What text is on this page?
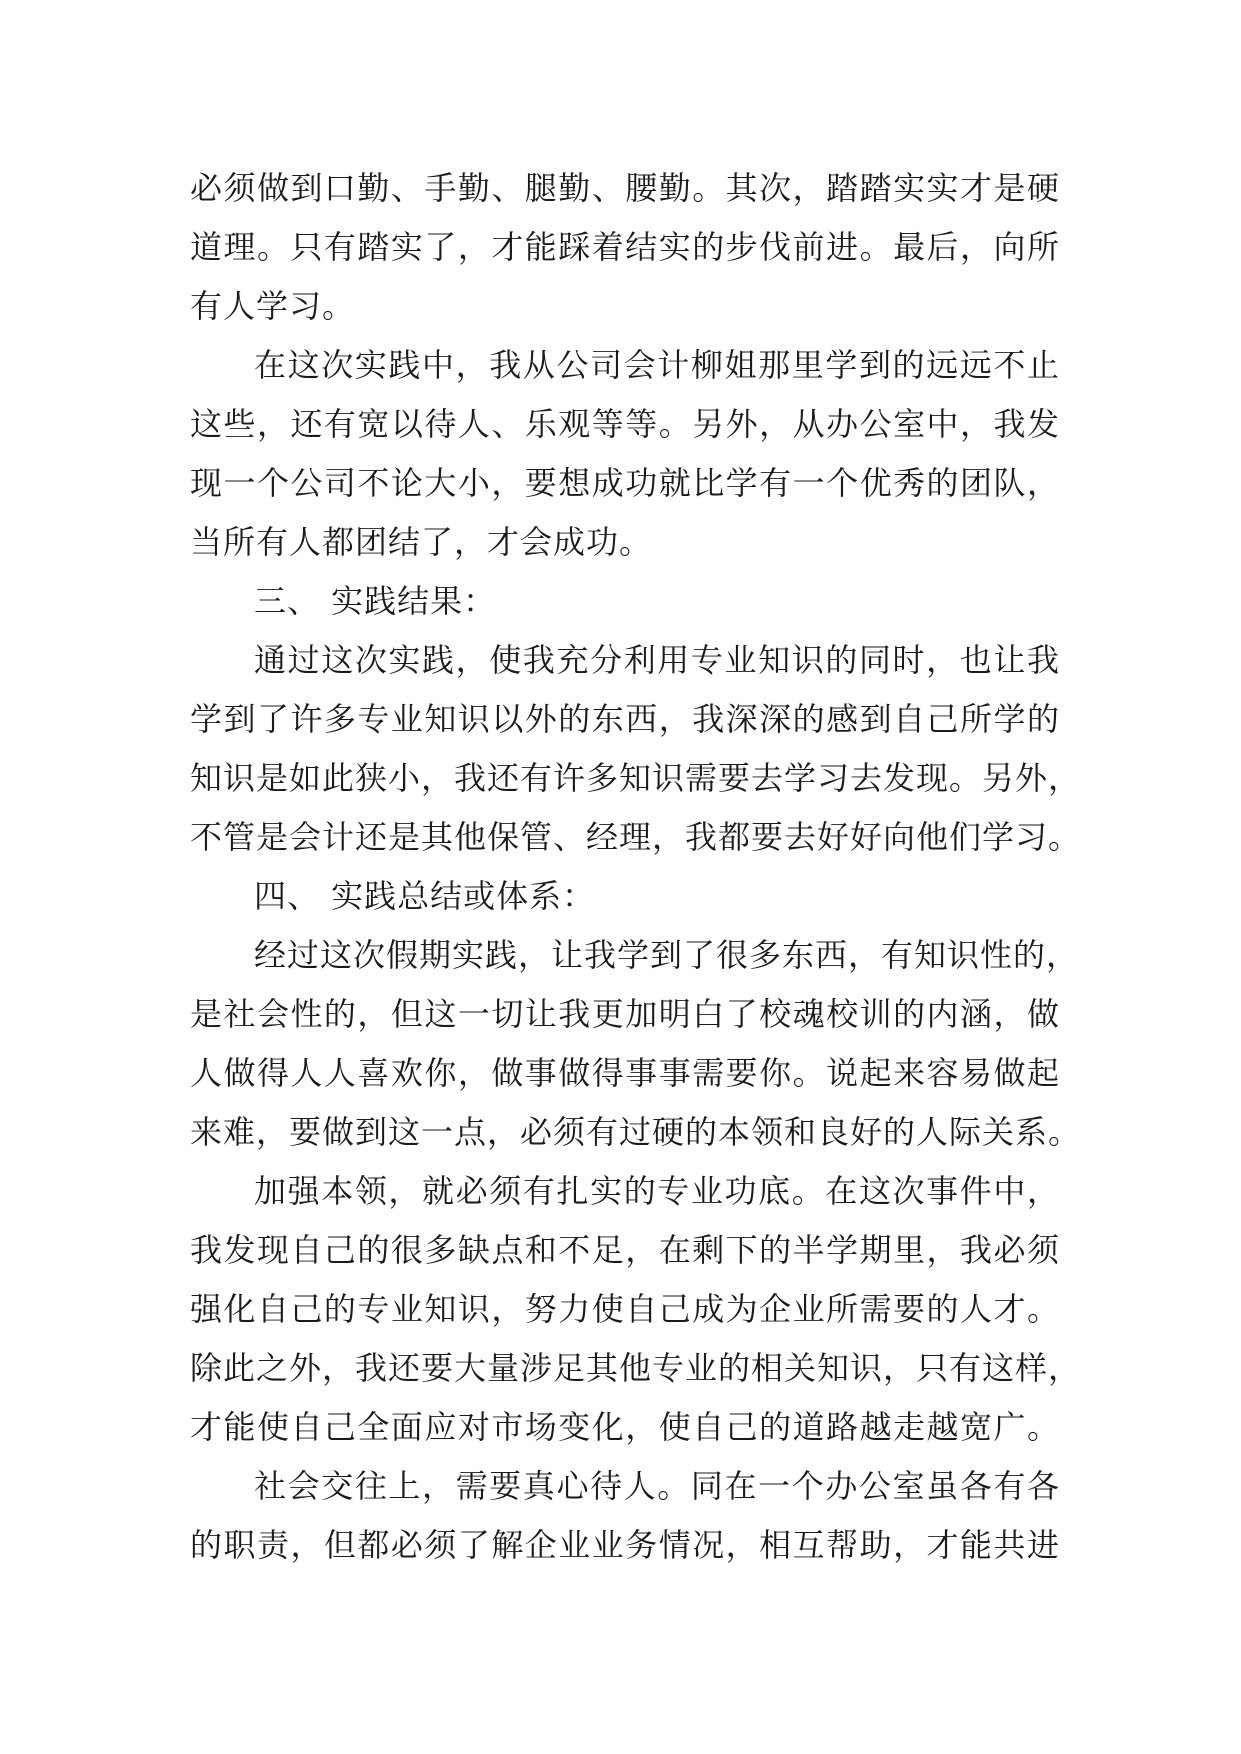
必须做到口勤、手勤、腿勤、腰勤。其次，踏踏实实才是硬
道理。只有踏实了，才能踩着结实的步伐前进。最后，向所
有人学习。
在这次实践中，我从公司会计柳姐那里学到的远远不止
这些，还有宽以待人、乐观等等。另外，从办公室中，我发
现一个公司不论大小，要想成功就比学有一个优秀的团队，
当所有人都团结了，才会成功。
三、 实践结果：
通过这次实践，使我充分利用专业知识的同时，也让我
学到了许多专业知识以外的东西，我深深的感到自己所学的
知识是如此狭小，我还有许多知识需要去学习去发现。另外，
不管是会计还是其他保管、经理，我都要去好好向他们学习。
四、 实践总结或体系：
经过这次假期实践，让我学到了很多东西，有知识性的，
是社会性的，但这一切让我更加明白了校魂校训的内涵，做
人做得人人喜欢你，做事做得事事需要你。说起来容易做起
来难，要做到这一点，必须有过硬的本领和良好的人际关系。
加强本领，就必须有扎实的专业功底。在这次事件中，
我发现自己的很多缺点和不足，在剩下的半学期里，我必须
强化自己的专业知识，努力使自己成为企业所需要的人才。
除此之外，我还要大量涉足其他专业的相关知识，只有这样，
才能使自己全面应对市场变化，使自己的道路越走越宽广。
社会交往上，需要真心待人。同在一个办公室虽各有各
的职责，但都必须了解企业业务情况，相互帮助，才能共进
